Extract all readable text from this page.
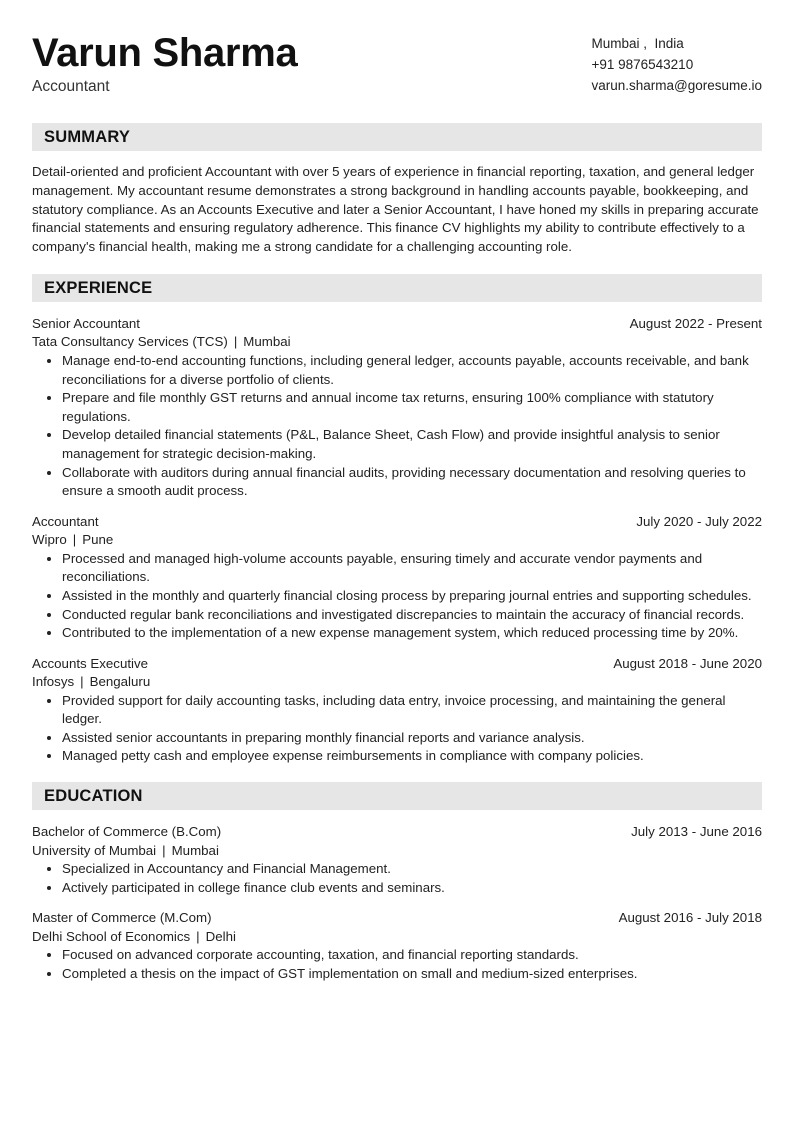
Varun Sharma
Accountant
Mumbai ,  India
+91 9876543210
varun.sharma@goresume.io
SUMMARY
Detail-oriented and proficient Accountant with over 5 years of experience in financial reporting, taxation, and general ledger management. My accountant resume demonstrates a strong background in handling accounts payable, bookkeeping, and statutory compliance. As an Accounts Executive and later a Senior Accountant, I have honed my skills in preparing accurate financial statements and ensuring regulatory adherence. This finance CV highlights my ability to contribute effectively to a company's financial health, making me a strong candidate for a challenging accounting role.
EXPERIENCE
Senior Accountant	August 2022 - Present
Tata Consultancy Services (TCS) | Mumbai
• Manage end-to-end accounting functions, including general ledger, accounts payable, accounts receivable, and bank reconciliations for a diverse portfolio of clients.
• Prepare and file monthly GST returns and annual income tax returns, ensuring 100% compliance with statutory regulations.
• Develop detailed financial statements (P&L, Balance Sheet, Cash Flow) and provide insightful analysis to senior management for strategic decision-making.
• Collaborate with auditors during annual financial audits, providing necessary documentation and resolving queries to ensure a smooth audit process.
Accountant	July 2020 - July 2022
Wipro | Pune
• Processed and managed high-volume accounts payable, ensuring timely and accurate vendor payments and reconciliations.
• Assisted in the monthly and quarterly financial closing process by preparing journal entries and supporting schedules.
• Conducted regular bank reconciliations and investigated discrepancies to maintain the accuracy of financial records.
• Contributed to the implementation of a new expense management system, which reduced processing time by 20%.
Accounts Executive	August 2018 - June 2020
Infosys | Bengaluru
• Provided support for daily accounting tasks, including data entry, invoice processing, and maintaining the general ledger.
• Assisted senior accountants in preparing monthly financial reports and variance analysis.
• Managed petty cash and employee expense reimbursements in compliance with company policies.
EDUCATION
Bachelor of Commerce (B.Com)	July 2013 - June 2016
University of Mumbai | Mumbai
• Specialized in Accountancy and Financial Management.
• Actively participated in college finance club events and seminars.
Master of Commerce (M.Com)	August 2016 - July 2018
Delhi School of Economics | Delhi
• Focused on advanced corporate accounting, taxation, and financial reporting standards.
• Completed a thesis on the impact of GST implementation on small and medium-sized enterprises.
